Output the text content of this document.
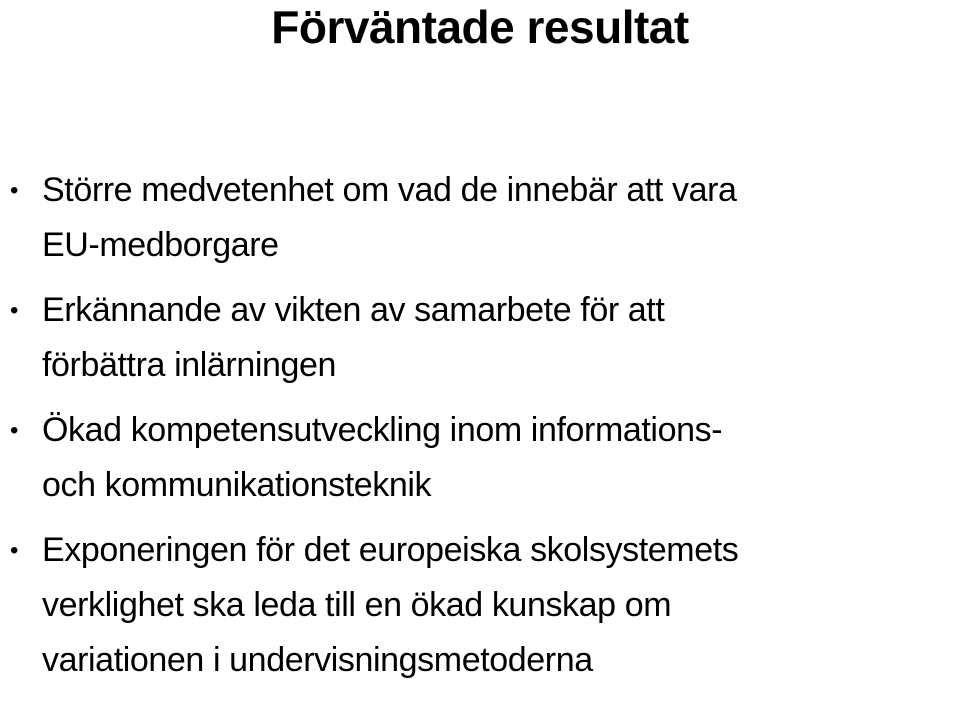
Förväntade resultat
• Större medvetenhet om vad de innebär att vara
EU-medborgare
• Erkännande av vikten av samarbete för att
förbättra inlärningen
• Ökad kompetensutveckling inom informations-
och kommunikationsteknik
• Exponeringen för det europeiska skolsystemets
verklighet ska leda till en ökad kunskap om
variationen i undervisningsmetoderna
